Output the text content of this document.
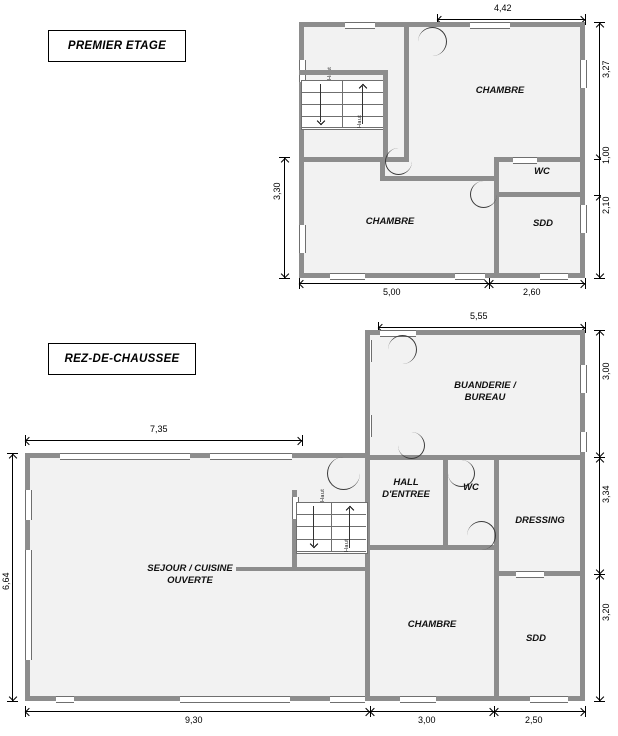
PREMIER ETAGE
4,42
Haut
CHAMBRE
WC
CHAMBRE	SDD
3,27
1,00
2,10
3,30
5,00	2,60
REZ-DE-CHAUSSEE
5,55
7,35
Haut
Haut
BUANDERIE /
BUREAU
HALL
D'ENTREE
WC
DRESSING
SEJOUR / CUISINE
OUVERTE
CHAMBRE
SDD
3,00
3,34
3,20
6,64
9,30	3,00	2,50
